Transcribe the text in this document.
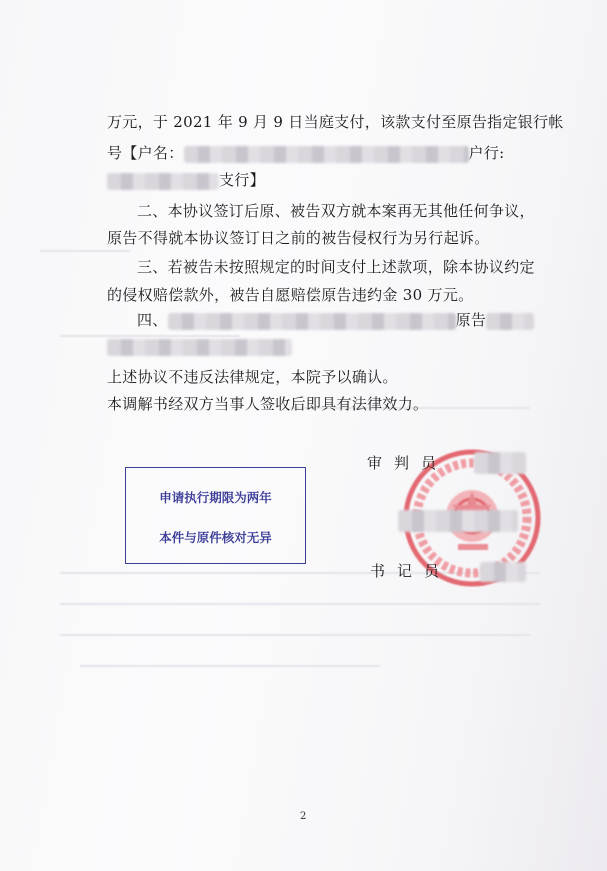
万元，于 2021 年 9 月 9 日当庭支付，该款支付至原告指定银行帐
号【户名：	户行:
支行】
二、本协议签订后原、被告双方就本案再无其他任何争议，
原告不得就本协议签订日之前的被告侵权行为另行起诉。
三、若被告未按照规定的时间支付上述款项，除本协议约定
的侵权赔偿款外，被告自愿赔偿原告违约金 30 万元。
四、	原告
上述协议不违反法律规定，本院予以确认。
本调解书经双方当事人签收后即具有法律效力。
审判员
书记员
申请执行期限为两年
本件与原件核对无异
2
